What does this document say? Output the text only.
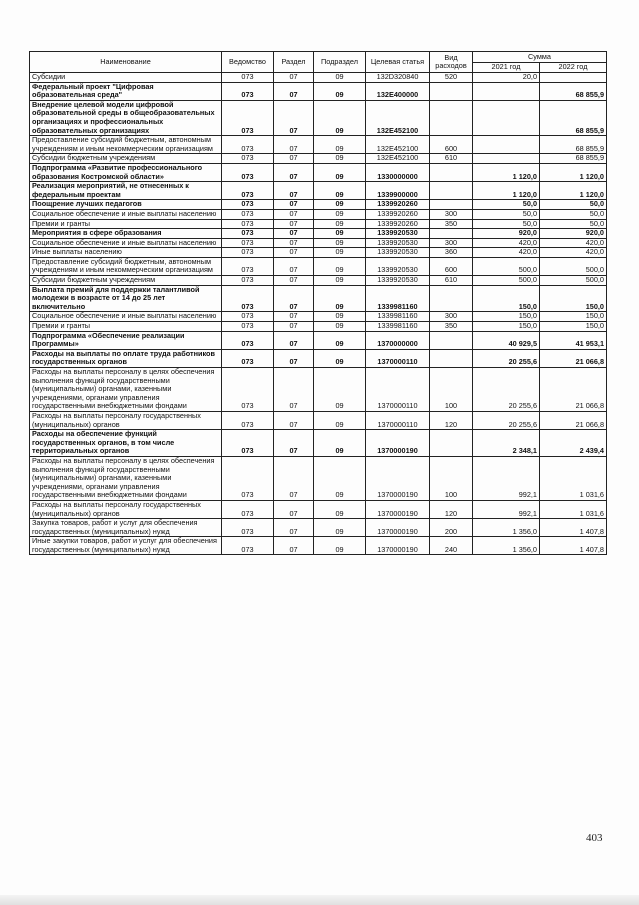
Наименование	Ведомство	Раздел	Подраздел	Целевая статья	Вид расходов	Сумма	
						2021 год	2022 год
Субсидии	073	07	09	132D320840	520	20,0	
Федеральный проект "Цифровая образовательная среда"	073	07	09	132E400000			68 855,9
Внедрение целевой модели цифровой образовательной среды в общеобразовательных организациях и профессиональных образовательных организациях	073	07	09	132E452100			68 855,9
Предоставление субсидий бюджетным, автономным учреждениям и иным некоммерческим организациям	073	07	09	132E452100	600		68 855,9
Субсидии бюджетным учреждениям	073	07	09	132E452100	610		68 855,9
Подпрограмма «Развитие профессионального образования Костромской области»	073	07	09	1330000000		1 120,0	1 120,0
Реализация мероприятий, не отнесенных к федеральным проектам	073	07	09	1339900000		1 120,0	1 120,0
Поощрение лучших педагогов	073	07	09	1339920260		50,0	50,0
Социальное обеспечение и иные выплаты населению	073	07	09	1339920260	300	50,0	50,0
Премии и гранты	073	07	09	1339920260	350	50,0	50,0
Мероприятия в сфере образования	073	07	09	1339920530		920,0	920,0
Социальное обеспечение и иные выплаты населению	073	07	09	1339920530	300	420,0	420,0
Иные выплаты населению	073	07	09	1339920530	360	420,0	420,0
Предоставление субсидий бюджетным, автономным учреждениям и иным некоммерческим организациям	073	07	09	1339920530	600	500,0	500,0
Субсидии бюджетным учреждениям	073	07	09	1339920530	610	500,0	500,0
Выплата премий для поддержки талантливой молодежи в возрасте от 14 до 25 лет включительно	073	07	09	1339981160		150,0	150,0
Социальное обеспечение и иные выплаты населению	073	07	09	1339981160	300	150,0	150,0
Премии и гранты	073	07	09	1339981160	350	150,0	150,0
Подпрограмма «Обеспечение реализации Программы»	073	07	09	1370000000		40 929,5	41 953,1
Расходы на выплаты по оплате труда работников государственных органов	073	07	09	1370000110		20 255,6	21 066,8
Расходы на выплаты персоналу в целях обеспечения выполнения функций государственными (муниципальными) органами, казенными учреждениями, органами управления государственными внебюджетными фондами	073	07	09	1370000110	100	20 255,6	21 066,8
Расходы на выплаты персоналу государственных (муниципальных) органов	073	07	09	1370000110	120	20 255,6	21 066,8
Расходы на обеспечение функций государственных органов, в том числе территориальных органов	073	07	09	1370000190		2 348,1	2 439,4
Расходы на выплаты персоналу в целях обеспечения выполнения функций государственными (муниципальными) органами, казенными учреждениями, органами управления государственными внебюджетными фондами	073	07	09	1370000190	100	992,1	1 031,6
Расходы на выплаты персоналу государственных (муниципальных) органов	073	07	09	1370000190	120	992,1	1 031,6
Закупка товаров, работ и услуг для обеспечения государственных (муниципальных) нужд	073	07	09	1370000190	200	1 356,0	1 407,8
Иные закупки товаров, работ и услуг для обеспечения государственных (муниципальных) нужд	073	07	09	1370000190	240	1 356,0	1 407,8
403
